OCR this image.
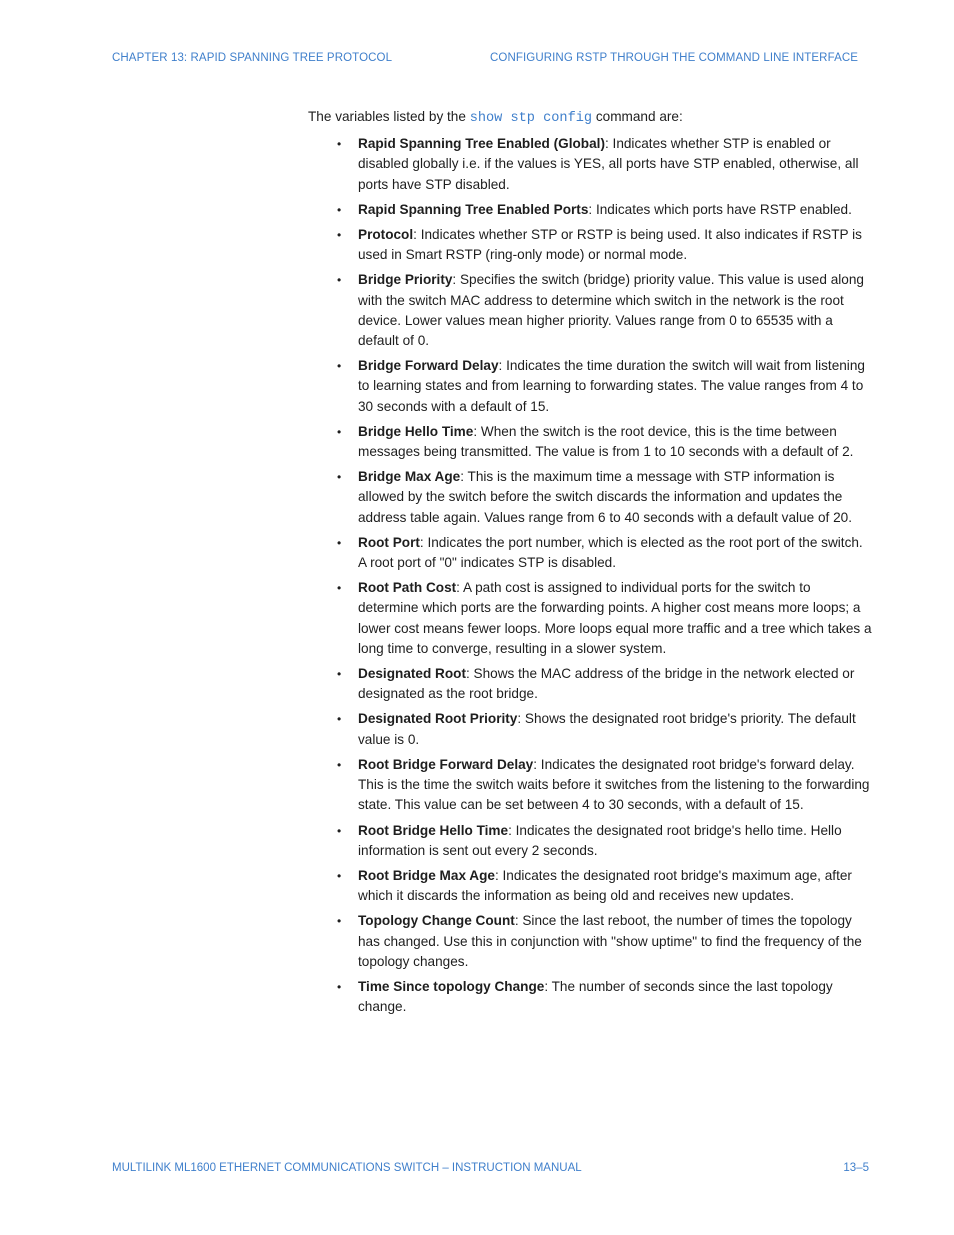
CHAPTER 13: RAPID SPANNING TREE PROTOCOL	CONFIGURING RSTP THROUGH THE COMMAND LINE INTERFACE

The variables listed by the show stp config command are:

• Rapid Spanning Tree Enabled (Global): Indicates whether STP is enabled or disabled globally i.e. if the values is YES, all ports have STP enabled, otherwise, all ports have STP disabled.
• Rapid Spanning Tree Enabled Ports: Indicates which ports have RSTP enabled.
• Protocol: Indicates whether STP or RSTP is being used. It also indicates if RSTP is used in Smart RSTP (ring-only mode) or normal mode.
• Bridge Priority: Specifies the switch (bridge) priority value. This value is used along with the switch MAC address to determine which switch in the network is the root device. Lower values mean higher priority. Values range from 0 to 65535 with a default of 0.
• Bridge Forward Delay: Indicates the time duration the switch will wait from listening to learning states and from learning to forwarding states. The value ranges from 4 to 30 seconds with a default of 15.
• Bridge Hello Time: When the switch is the root device, this is the time between messages being transmitted. The value is from 1 to 10 seconds with a default of 2.
• Bridge Max Age: This is the maximum time a message with STP information is allowed by the switch before the switch discards the information and updates the address table again. Values range from 6 to 40 seconds with a default value of 20.
• Root Port: Indicates the port number, which is elected as the root port of the switch. A root port of "0" indicates STP is disabled.
• Root Path Cost: A path cost is assigned to individual ports for the switch to determine which ports are the forwarding points. A higher cost means more loops; a lower cost means fewer loops. More loops equal more traffic and a tree which takes a long time to converge, resulting in a slower system.
• Designated Root: Shows the MAC address of the bridge in the network elected or designated as the root bridge.
• Designated Root Priority: Shows the designated root bridge's priority. The default value is 0.
• Root Bridge Forward Delay: Indicates the designated root bridge's forward delay. This is the time the switch waits before it switches from the listening to the forwarding state. This value can be set between 4 to 30 seconds, with a default of 15.
• Root Bridge Hello Time: Indicates the designated root bridge's hello time. Hello information is sent out every 2 seconds.
• Root Bridge Max Age: Indicates the designated root bridge's maximum age, after which it discards the information as being old and receives new updates.
• Topology Change Count: Since the last reboot, the number of times the topology has changed. Use this in conjunction with "show uptime" to find the frequency of the topology changes.
• Time Since topology Change: The number of seconds since the last topology change.
MULTILINK ML1600 ETHERNET COMMUNICATIONS SWITCH – INSTRUCTION MANUAL	13–5
